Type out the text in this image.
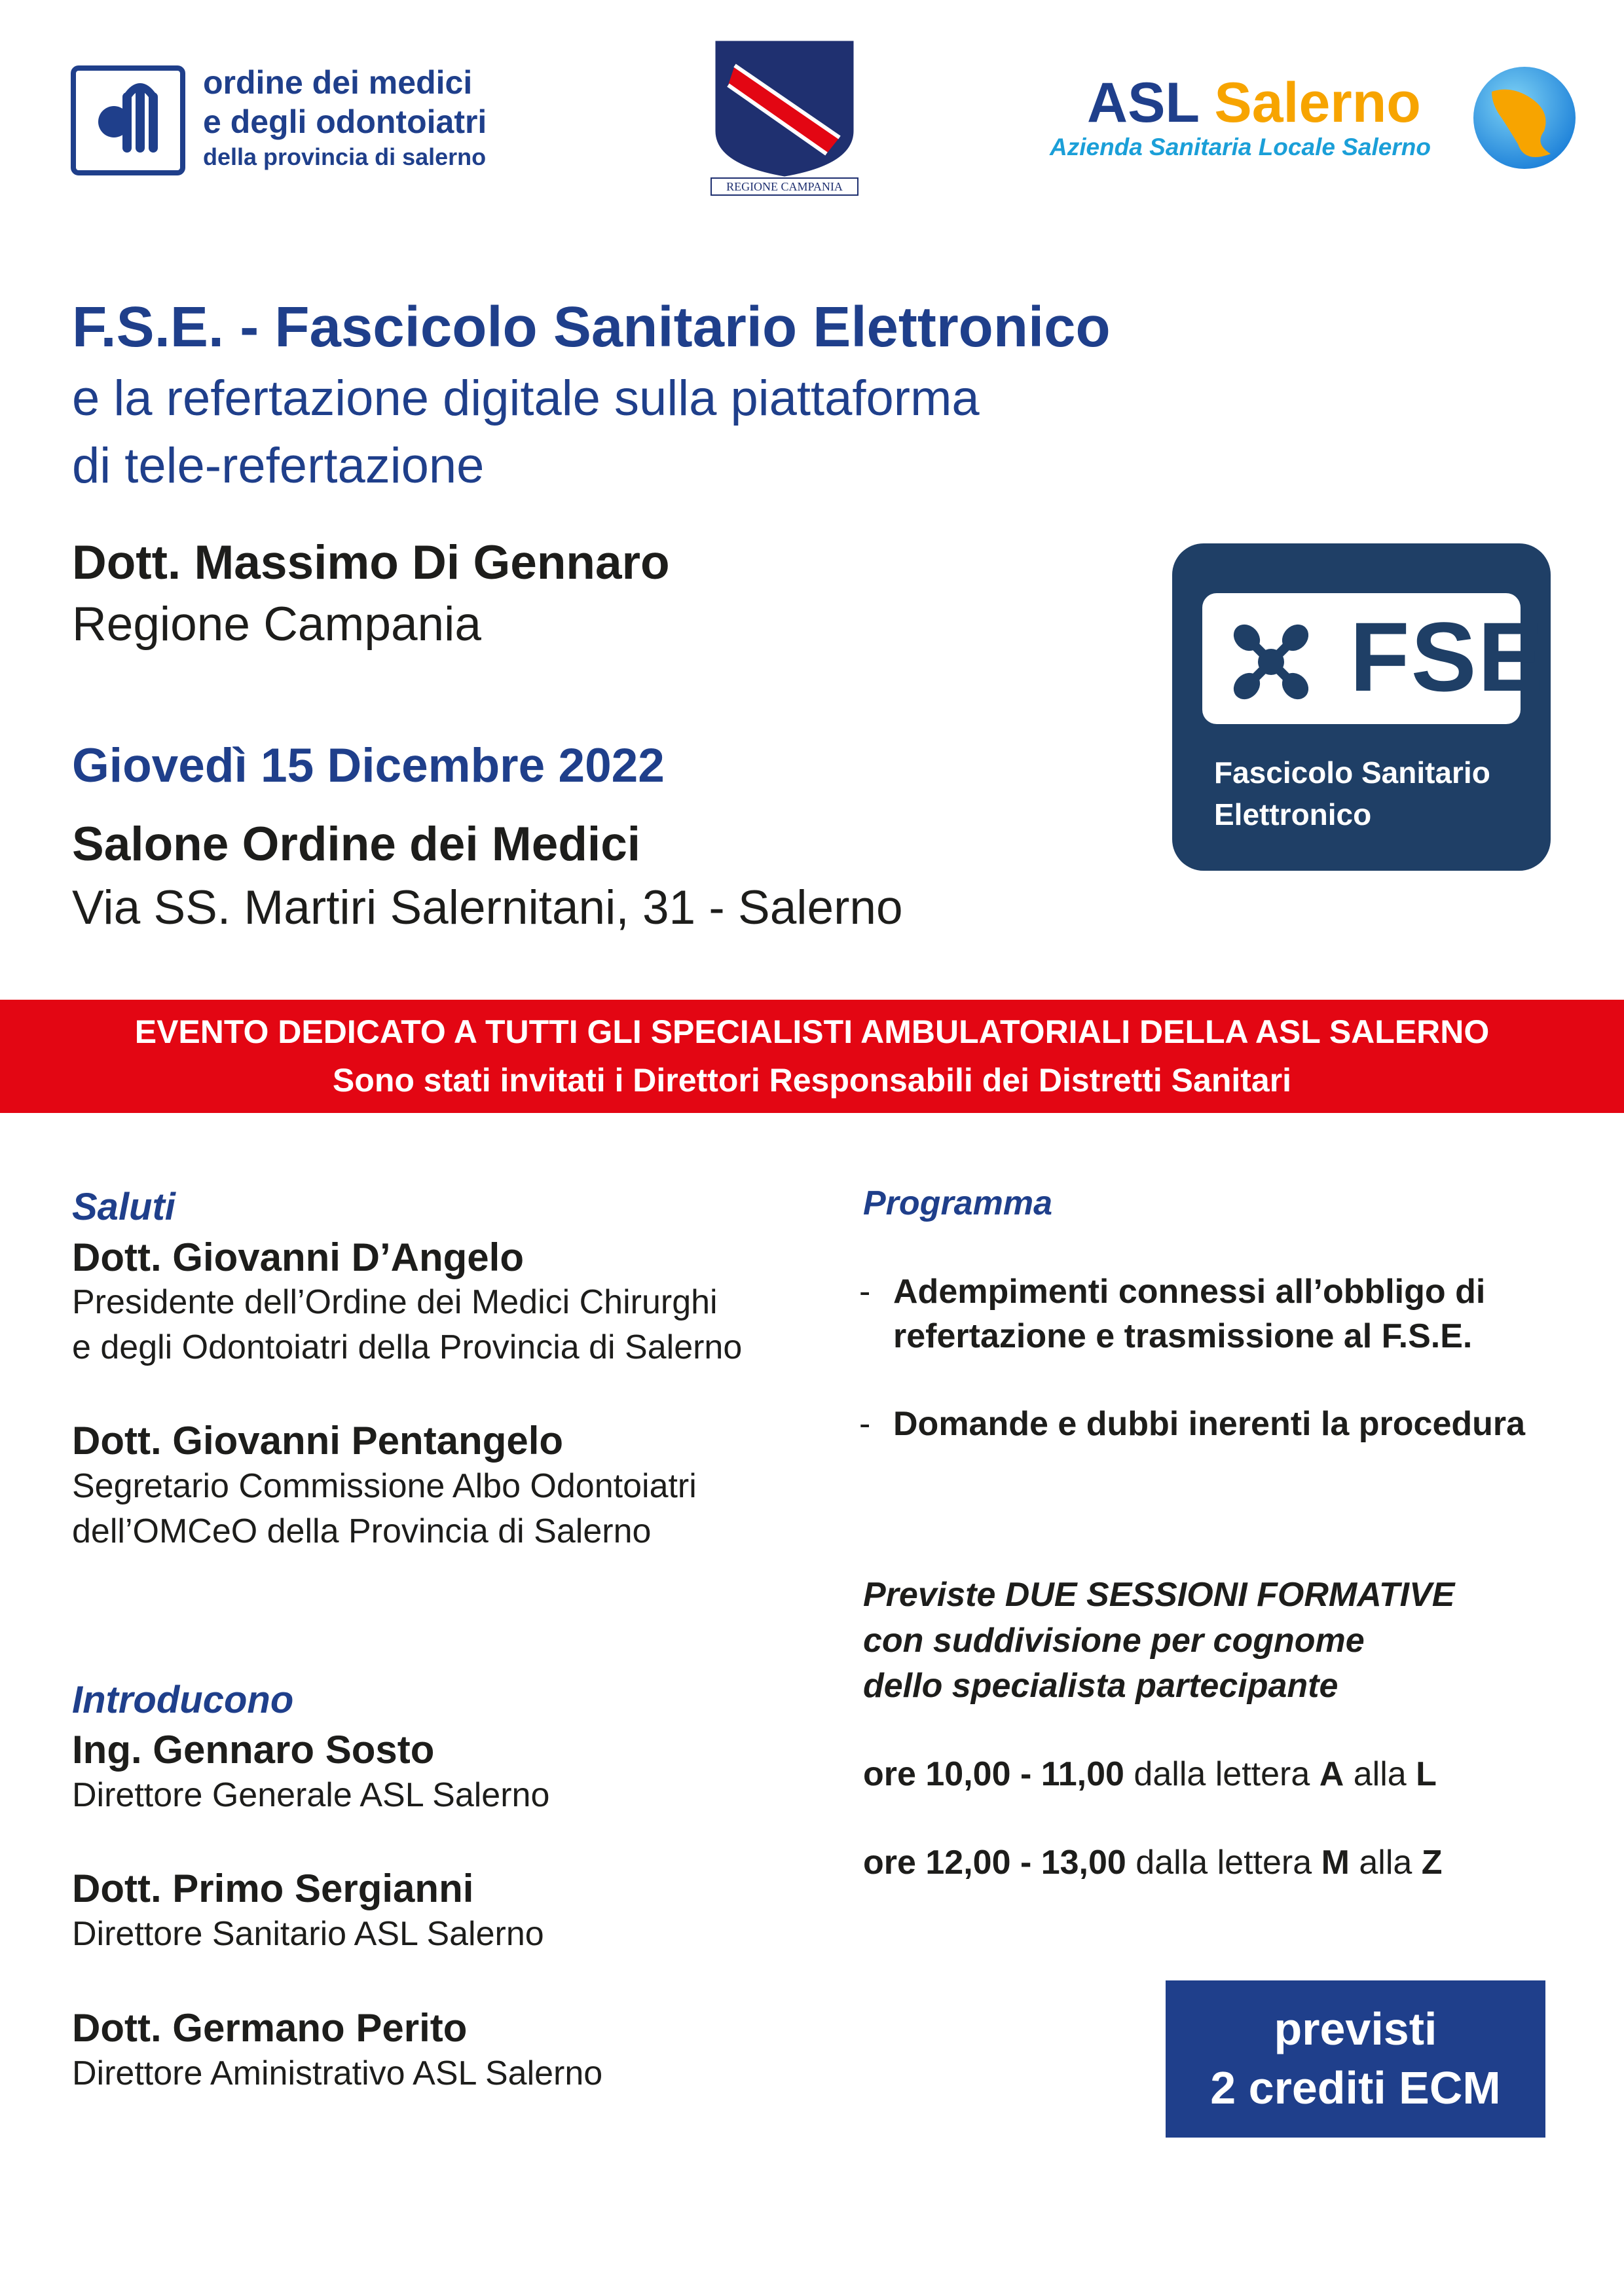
ordine dei medici
e degli odontoiatri
della provincia di salerno
REGIONE CAMPANIA
ASL Salerno
Azienda Sanitaria Locale Salerno
F.S.E. - Fascicolo Sanitario Elettronico
e la refertazione digitale sulla piattaforma
di tele-refertazione
Dott. Massimo Di Gennaro
Regione Campania
Giovedì 15 Dicembre 2022
Salone Ordine dei Medici
Via SS. Martiri Salernitani, 31 - Salerno
FSE
Fascicolo Sanitario
Elettronico
EVENTO DEDICATO A TUTTI GLI SPECIALISTI AMBULATORIALI DELLA ASL SALERNO
Sono stati invitati i Direttori Responsabili dei Distretti Sanitari
Saluti
Dott. Giovanni D’Angelo
Presidente dell’Ordine dei Medici Chirurghi
e degli Odontoiatri della Provincia di Salerno
Dott. Giovanni Pentangelo
Segretario Commissione Albo Odontoiatri
dell’OMCeO della Provincia di Salerno
Introducono
Ing. Gennaro Sosto
Direttore Generale ASL Salerno
Dott. Primo Sergianni
Direttore Sanitario ASL Salerno
Dott. Germano Perito
Direttore Aministrativo ASL Salerno
Programma
- Adempimenti connessi all’obbligo di
refertazione e trasmissione al F.S.E.
- Domande e dubbi inerenti la procedura
Previste DUE SESSIONI FORMATIVE
con suddivisione per cognome
dello specialista partecipante
ore 10,00 - 11,00 dalla lettera A alla L
ore 12,00 - 13,00 dalla lettera M alla Z
previsti
2 crediti ECM
